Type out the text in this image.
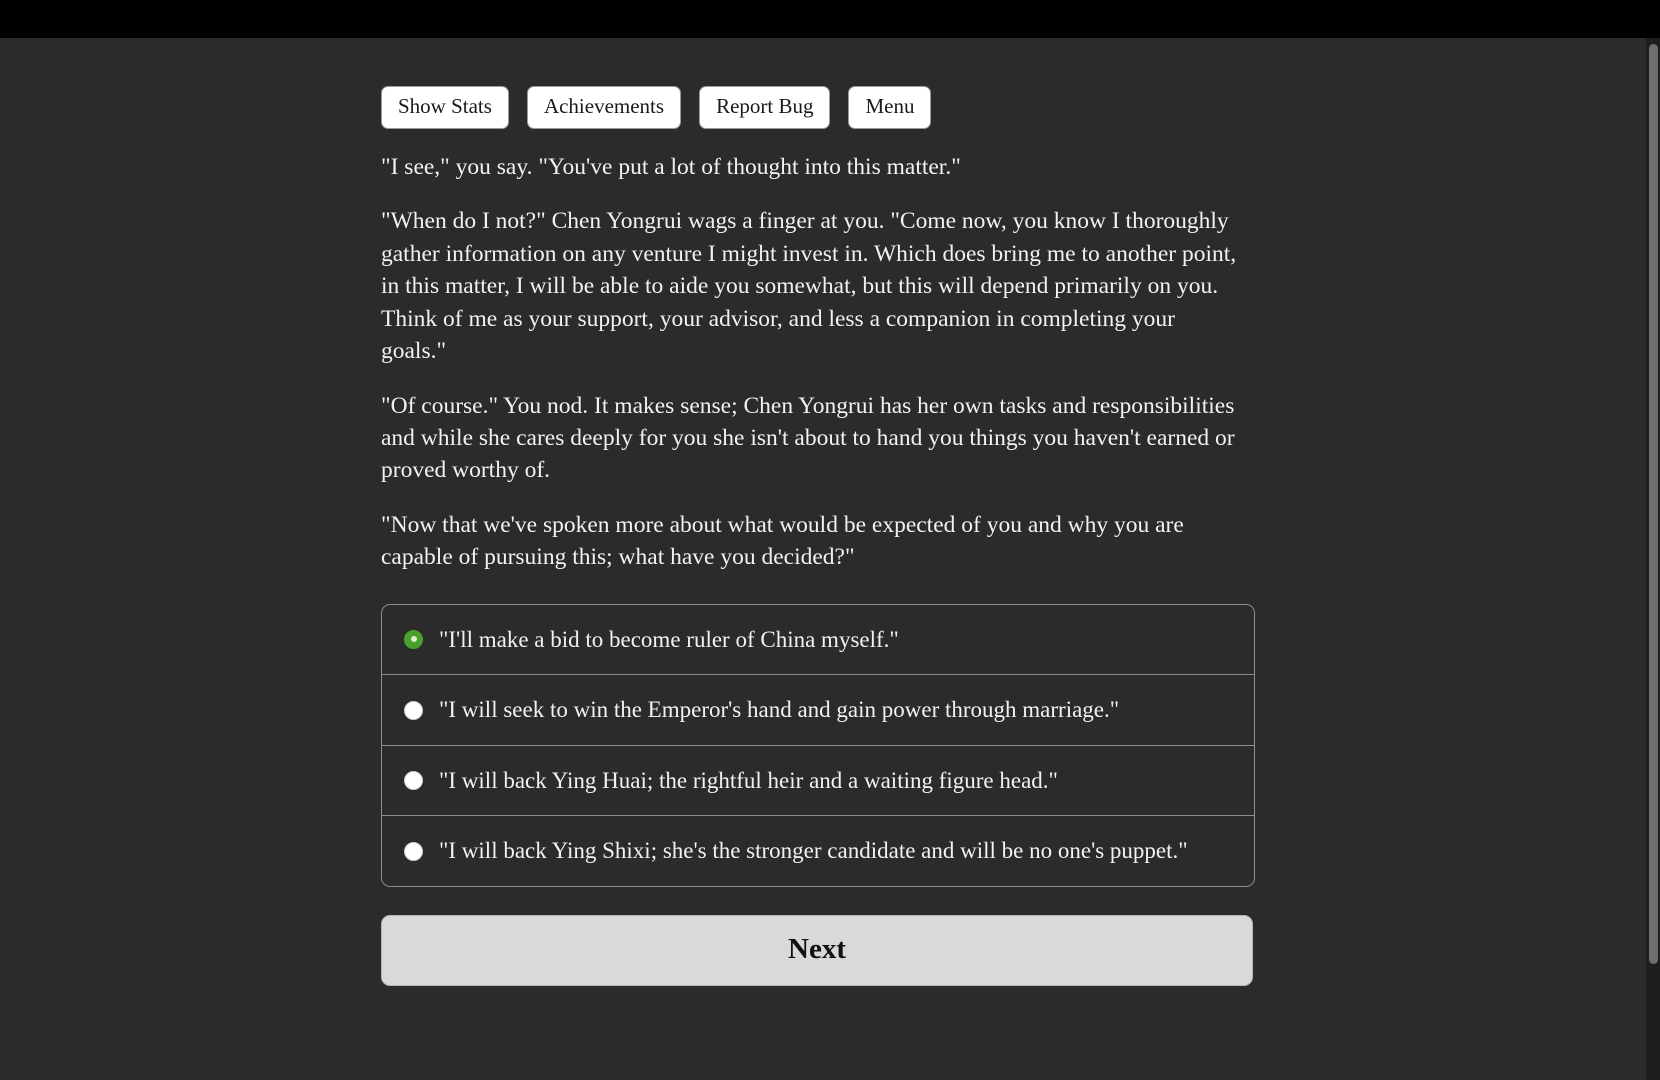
Show Stats	Achievements	Report Bug	Menu

"I see," you say. "You've put a lot of thought into this matter."

"When do I not?" Chen Yongrui wags a finger at you. "Come now, you know I thoroughly gather information on any venture I might invest in. Which does bring me to another point, in this matter, I will be able to aide you somewhat, but this will depend primarily on you. Think of me as your support, your advisor, and less a companion in completing your goals."

"Of course." You nod. It makes sense; Chen Yongrui has her own tasks and responsibilities and while she cares deeply for you she isn't about to hand you things you haven't earned or proved worthy of.

"Now that we've spoken more about what would be expected of you and why you are capable of pursuing this; what have you decided?"

"I'll make a bid to become ruler of China myself."
"I will seek to win the Emperor's hand and gain power through marriage."
"I will back Ying Huai; the rightful heir and a waiting figure head."
"I will back Ying Shixi; she's the stronger candidate and will be no one's puppet."
Next
